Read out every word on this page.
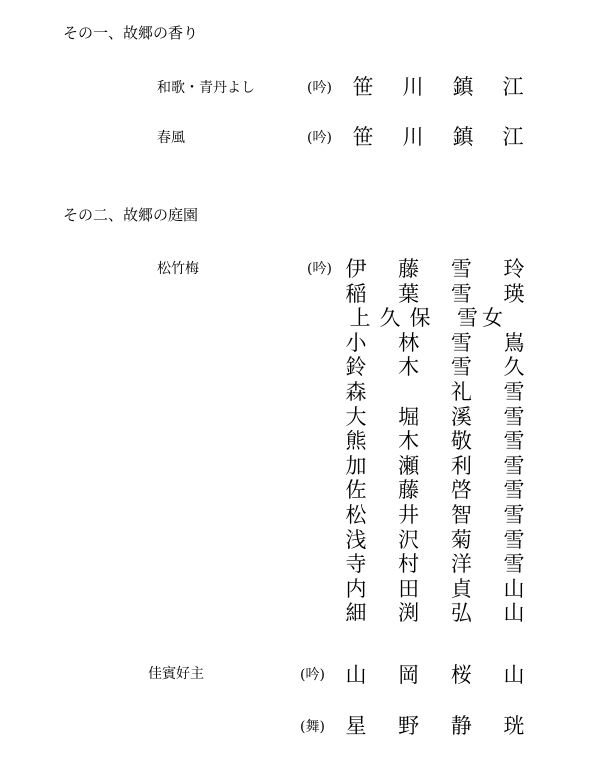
その一、故郷の香り
和歌・青丹よし	(吟) 笹 川 鎮 江
春風	(吟) 笹 川 鎮 江
その二、故郷の庭園
松竹梅	(吟) 伊 藤 雪 玲
稲 葉 雪 瑛
上 久 保	雪女
小 林 雪 嶌
鈴 木 雪 久
森	礼 雪
大 堀 溪 雪
熊 木 敬 雪
加 瀬 利 雪
佐 藤 啓 雪
松 井 智 雪
浅 沢 菊 雪
寺 村 洋 雪
内 田 貞 山
細 渕 弘 山
佳賓好主	(吟) 山 岡 桜 山
(舞) 星 野 静 珖
